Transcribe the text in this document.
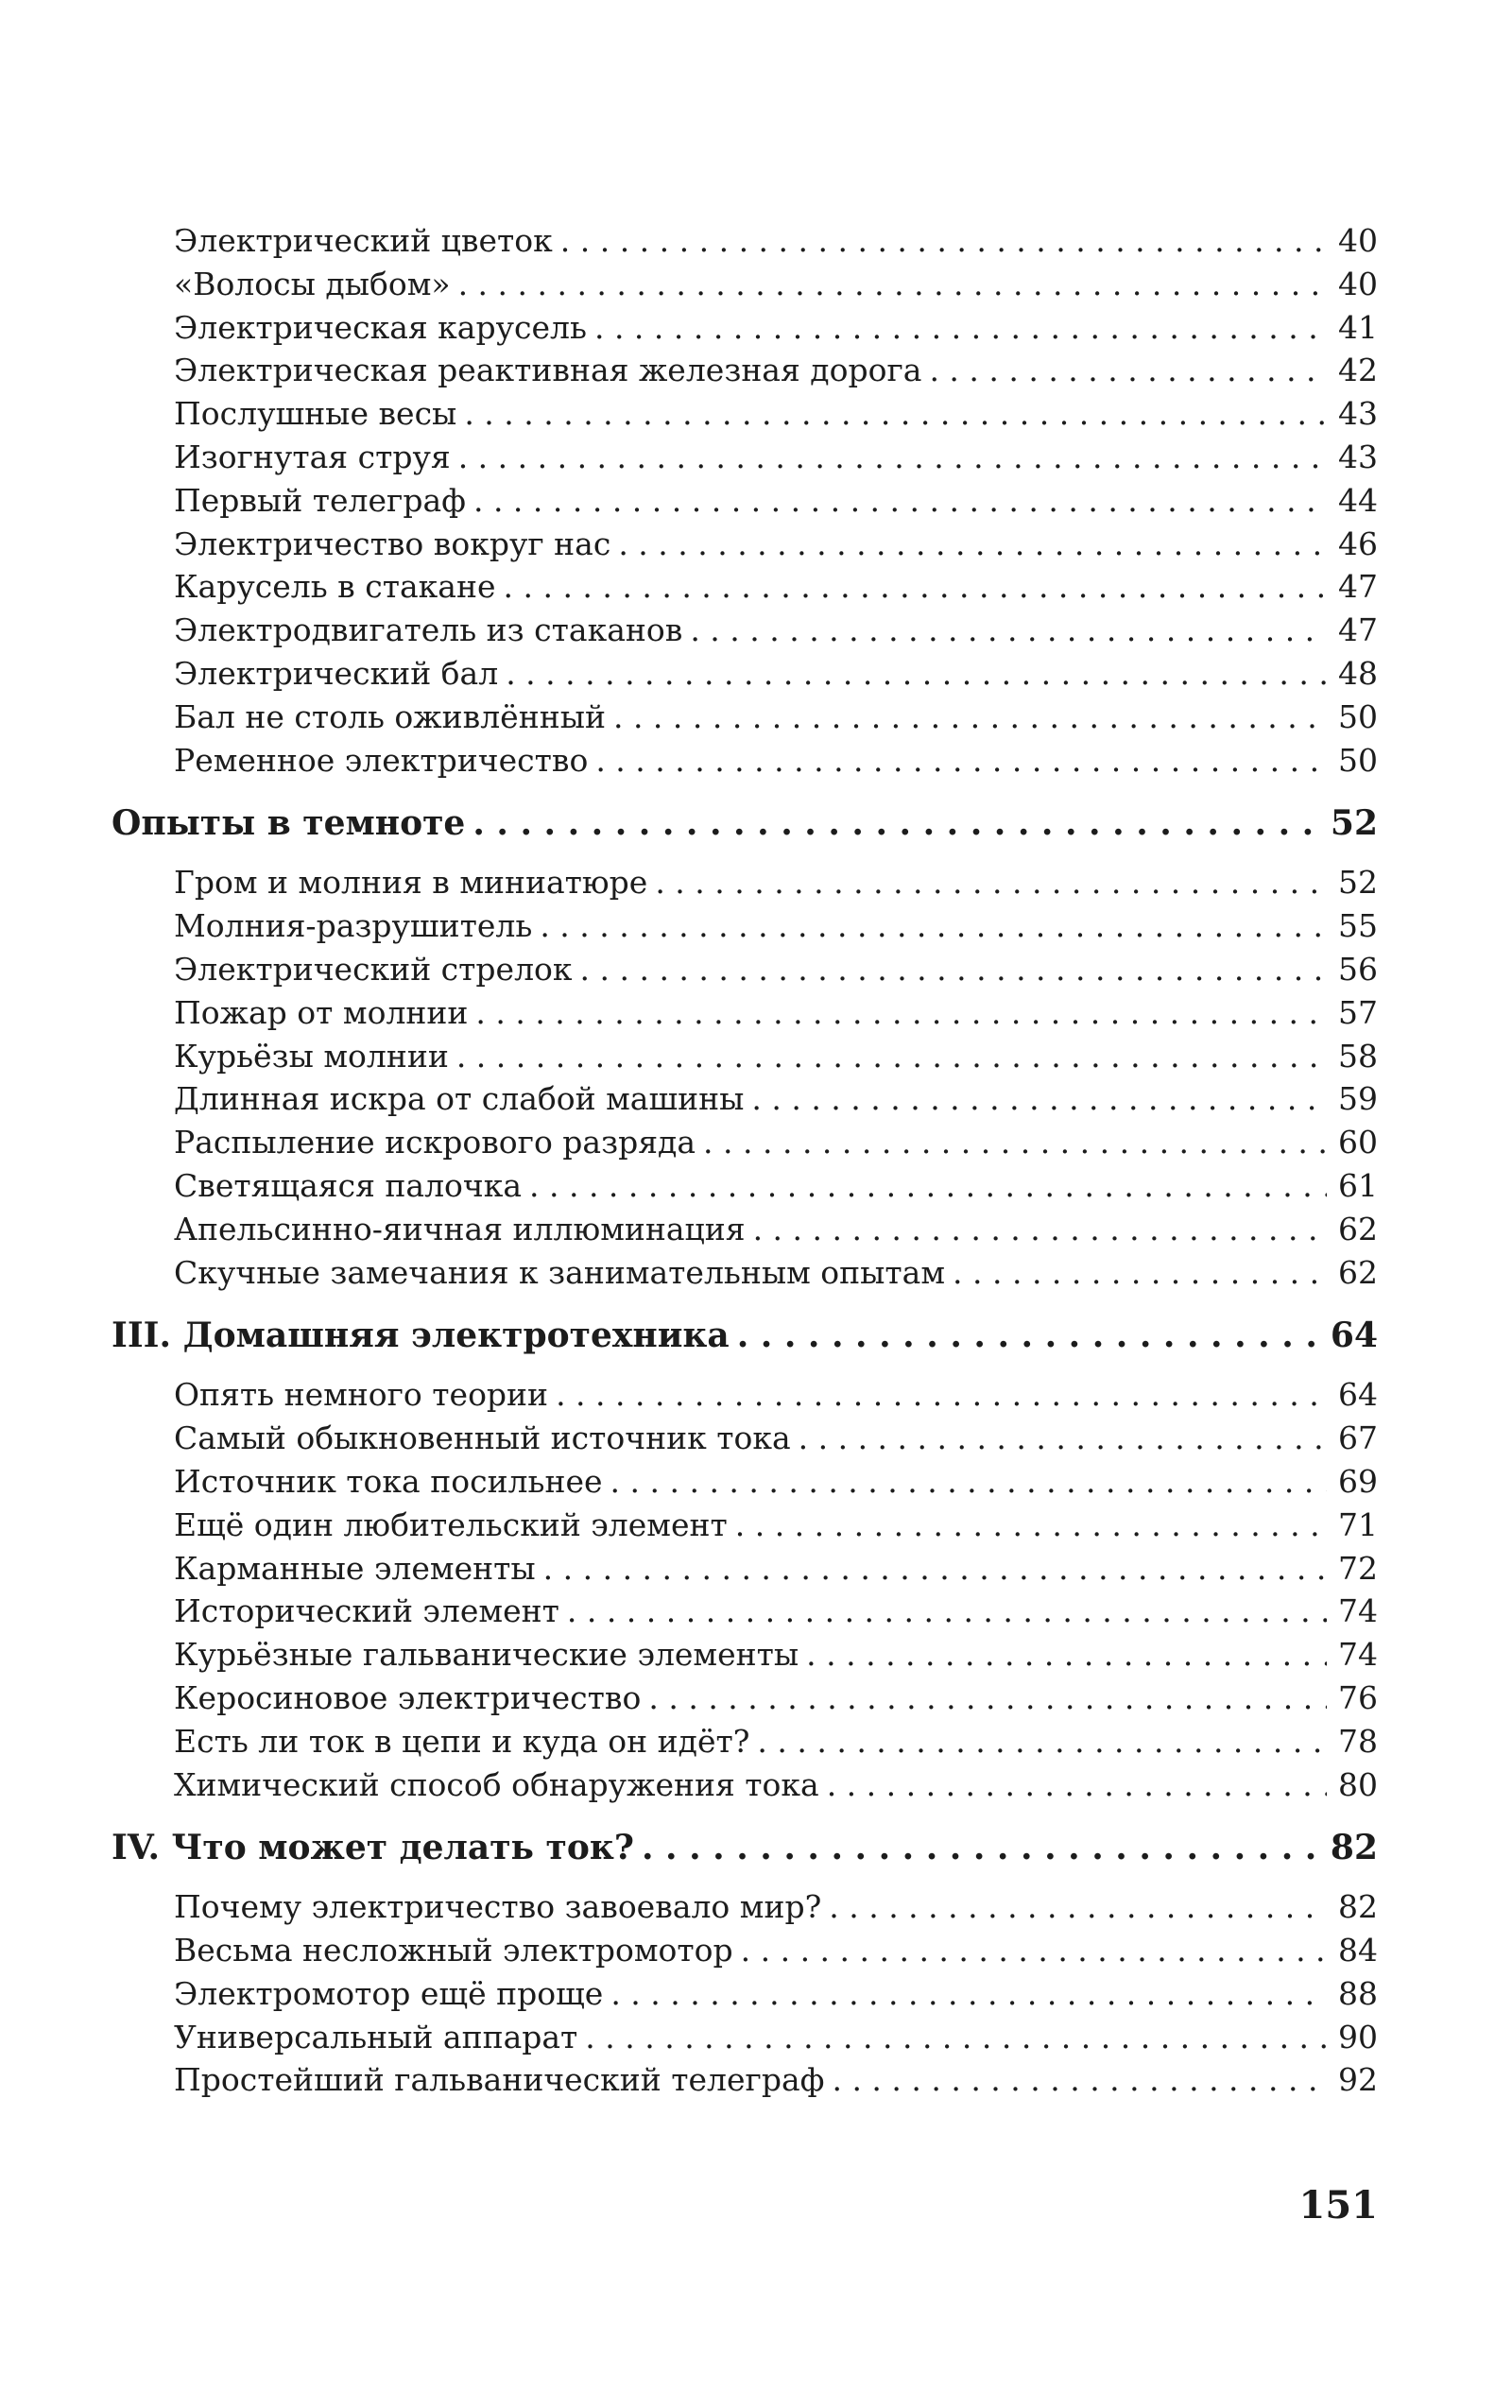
Электрический цветок . . .	40
«Волосы дыбом» . . .	40
Электрическая карусель . . .	41
Электрическая реактивная железная дорога . . .	42
Послушные весы . . .	43
Изогнутая струя . . .	43
Первый телеграф . . .	44
Электричество вокруг нас . . .	46
Карусель в стакане . . .	47
Электродвигатель из стаканов . . .	47
Электрический бал . . .	48
Бал не столь оживлённый . . .	50
Ременное электричество . . .	50
Опыты в темноте . . .	52
Гром и молния в миниатюре . . .	52
Молния-разрушитель . . .	55
Электрический стрелок . . .	56
Пожар от молнии . . .	57
Курьёзы молнии . . .	58
Длинная искра от слабой машины . . .	59
Распыление искрового разряда . . .	60
Светящаяся палочка . . .	61
Апельсинно-яичная иллюминация . . .	62
Скучные замечания к занимательным опытам . . .	62
III. Домашняя электротехника . . .	64
Опять немного теории . . .	64
Самый обыкновенный источник тока . . .	67
Источник тока посильнее . . .	69
Ещё один любительский элемент . . .	71
Карманные элементы . . .	72
Исторический элемент . . .	74
Курьёзные гальванические элементы . . .	74
Керосиновое электричество . . .	76
Есть ли ток в цепи и куда он идёт? . . .	78
Химический способ обнаружения тока . . .	80
IV. Что может делать ток? . . .	82
Почему электричество завоевало мир? . . .	82
Весьма несложный электромотор . . .	84
Электромотор ещё проще . . .	88
Универсальный аппарат . . .	90
Простейший гальванический телеграф . . .	92
151
